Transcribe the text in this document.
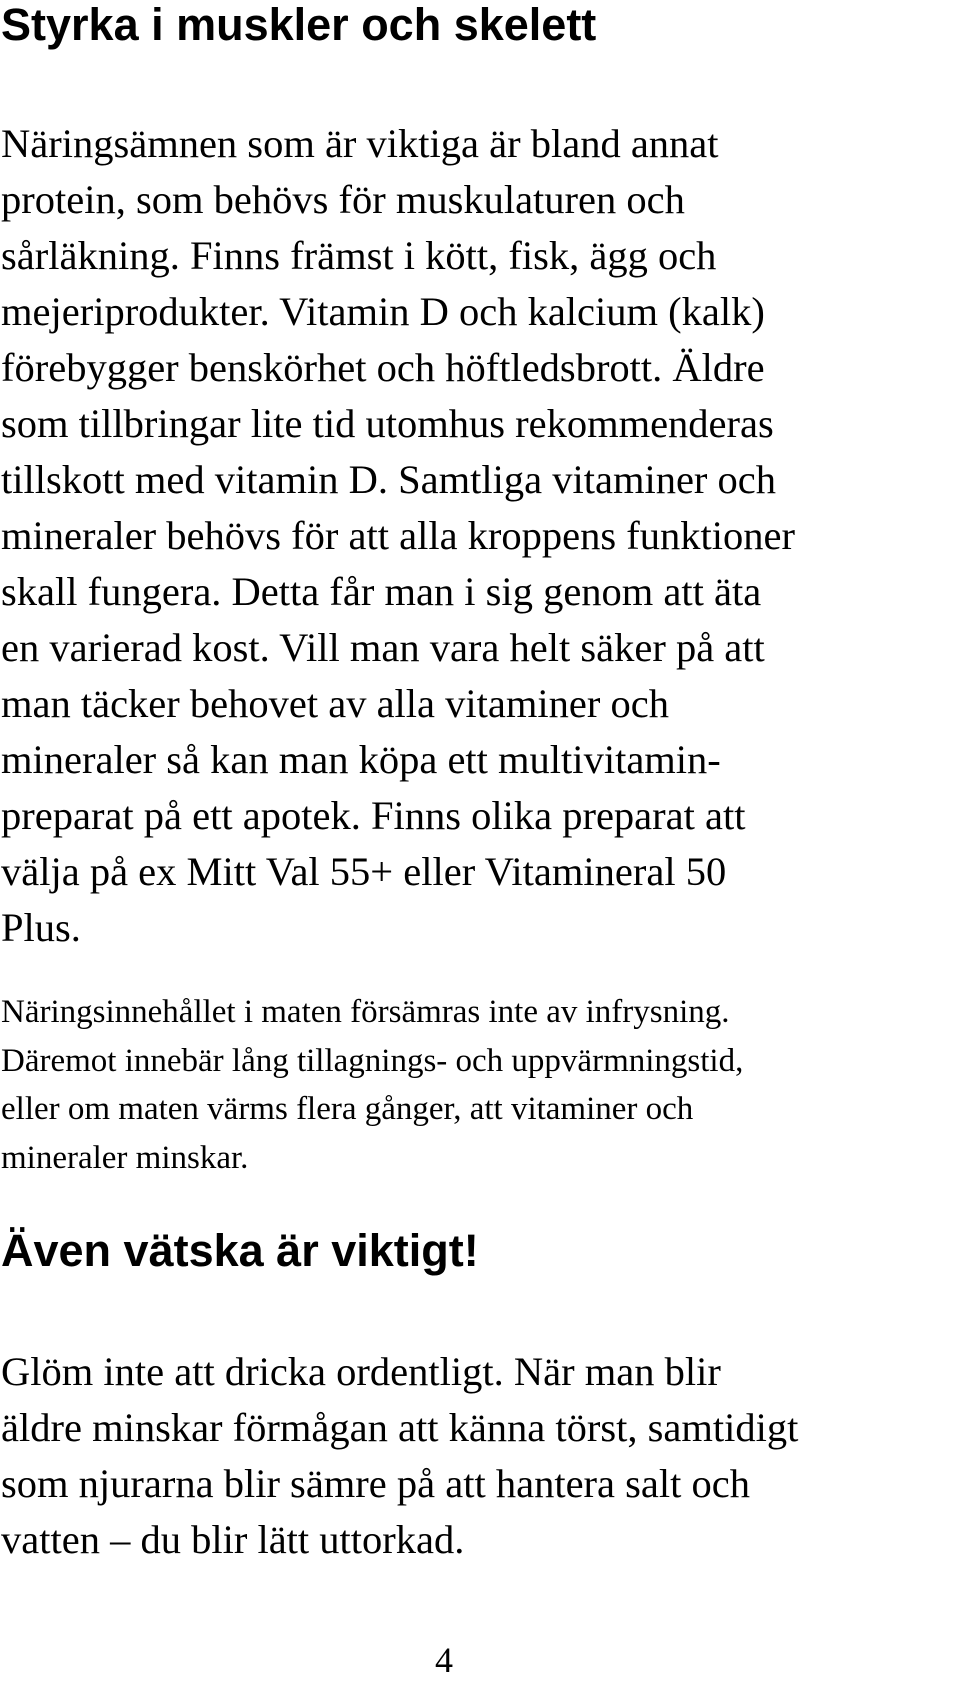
Styrka i muskler och skelett

Näringsämnen som är viktiga är bland annat
protein, som behövs för muskulaturen och
sårläkning. Finns främst i kött, fisk, ägg och
mejeriprodukter. Vitamin D och kalcium (kalk)
förebygger benskörhet och höftledsbrott. Äldre
som tillbringar lite tid utomhus rekommenderas
tillskott med vitamin D. Samtliga vitaminer och
mineraler behövs för att alla kroppens funktioner
skall fungera. Detta får man i sig genom att äta
en varierad kost. Vill man vara helt säker på att
man täcker behovet av alla vitaminer och
mineraler så kan man köpa ett multivitamin-
preparat på ett apotek. Finns olika preparat att
välja på ex Mitt Val 55+ eller Vitamineral 50
Plus.

Näringsinnehållet i maten försämras inte av infrysning.
Däremot innebär lång tillagnings- och uppvärmningstid,
eller om maten värms flera gånger, att vitaminer och
mineraler minskar.

Även vätska är viktigt!

Glöm inte att dricka ordentligt. När man blir
äldre minskar förmågan att känna törst, samtidigt
som njurarna blir sämre på att hantera salt och
vatten – du blir lätt uttorkad.

4
